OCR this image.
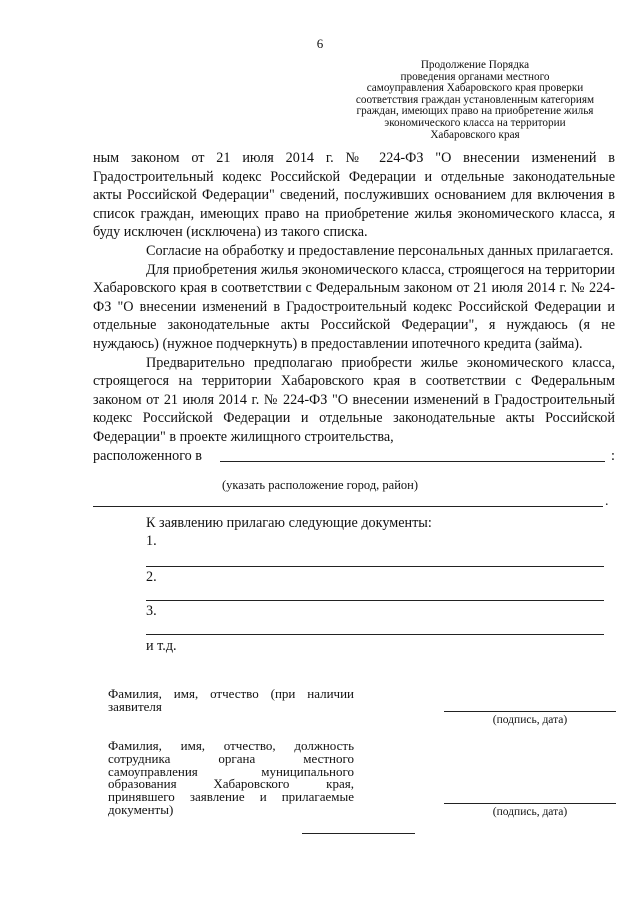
6
Продолжение Порядка
проведения органами местного
самоуправления Хабаровского края проверки
соответствия граждан установленным категориям
граждан, имеющих право на приобретение жилья
экономического класса на территории
Хабаровского края

ным законом от 21 июля 2014 г. № 224-ФЗ "О внесении изменений в Градостроительный кодекс Российской Федерации и отдельные законодательные акты Российской Федерации" сведений, послуживших основанием для включения в список граждан, имеющих право на приобретение жилья экономического класса, я буду исключен (исключена) из такого списка.

Согласие на обработку и предоставление персональных данных прилагается.

Для приобретения жилья экономического класса, строящегося на территории Хабаровского края в соответствии с Федеральным законом от 21 июля 2014 г. № 224-ФЗ "О внесении изменений в Градостроительный кодекс Российской Федерации и отдельные законодательные акты Российской Федерации", я нуждаюсь (я не нуждаюсь) (нужное подчеркнуть) в предоставлении ипотечного кредита (займа).

Предварительно предполагаю приобрести жилье экономического класса, строящегося на территории Хабаровского края в соответствии с Федеральным законом от 21 июля 2014 г. № 224-ФЗ "О внесении изменений в Градостроительный кодекс Российской Федерации и отдельные законодательные акты Российской Федерации" в проекте жилищного строительства,

расположенного в	:
(указать расположение город, район)
.
К заявлению прилагаю следующие документы:
1.
2.
3.
и т.д.
Фамилия, имя, отчество (при наличии заявителя
(подпись, дата)
Фамилия, имя, отчество, должность сотрудника органа местного самоуправления муниципального образования Хабаровского края, принявшего заявление и прилагаемые документы)	(подпись, дата)
